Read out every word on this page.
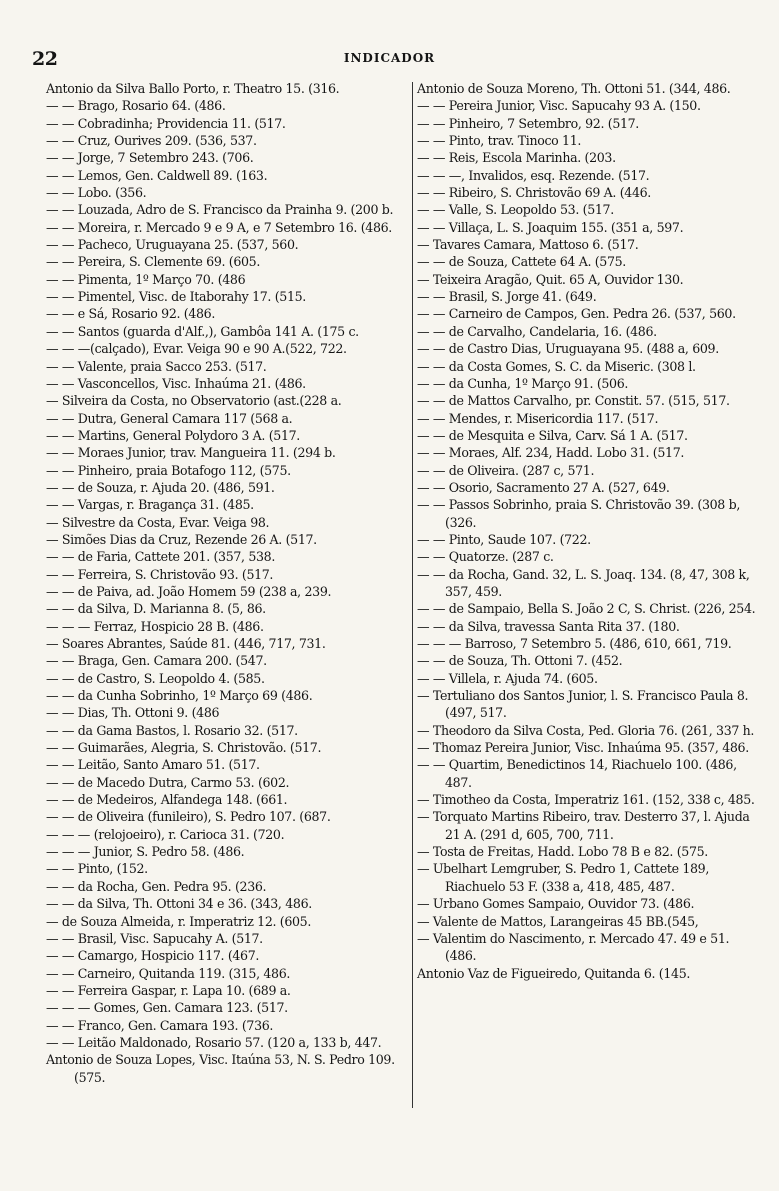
22	INDICADOR
Antonio da Silva Ballo Porto, r. Theatro 15. (316.
— — Brago, Rosario 64. (486.
— — Cobradinha; Providencia 11. (517.
— — Cruz, Ourives 209. (536, 537.
— — Jorge, 7 Setembro 243. (706.
— — Lemos, Gen. Caldwell 89. (163.
— — Lobo. (356.
— — Louzada, Adro de S. Francisco da Prainha 9. (200 b.
— — Moreira, r. Mercado 9 e 9 A, e 7 Setembro 16. (486.
— — Pacheco, Uruguayana 25. (537, 560.
— — Pereira, S. Clemente 69. (605.
— — Pimenta, 1º Março 70. (486
— — Pimentel, Visc. de Itaborahy 17. (515.
— — e Sá, Rosario 92. (486.
— — Santos (guarda d'Alf.,), Gambôa 141 A. (175 c.
— — —(calçado), Evar. Veiga 90 e 90 A.(522, 722.
— — Valente, praia Sacco 253. (517.
— — Vasconcellos, Visc. Inhaúma 21. (486.
— Silveira da Costa, no Observatorio (ast.(228 a.
— — Dutra, General Camara 117 (568 a.
— — Martins, General Polydoro 3 A. (517.
— — Moraes Junior, trav. Mangueira 11. (294 b.
— — Pinheiro, praia Botafogo 112, (575.
— — de Souza, r. Ajuda 20. (486, 591.
— — Vargas, r. Bragança 31. (485.
— Silvestre da Costa, Evar. Veiga 98.
— Simões Dias da Cruz, Rezende 26 A. (517.
— — de Faria, Cattete 201. (357, 538.
— — Ferreira, S. Christovão 93. (517.
— — de Paiva, ad. João Homem 59 (238 a, 239.
— — da Silva, D. Marianna 8. (5, 86.
— — — Ferraz, Hospicio 28 B. (486.
— Soares Abrantes, Saúde 81. (446, 717, 731.
— — Braga, Gen. Camara 200. (547.
— — de Castro, S. Leopoldo 4. (585.
— — da Cunha Sobrinho, 1º Março 69 (486.
— — Dias, Th. Ottoni 9. (486
— — da Gama Bastos, l. Rosario 32. (517.
— — Guimarães, Alegria, S. Christovão. (517.
— — Leitão, Santo Amaro 51. (517.
— — de Macedo Dutra, Carmo 53. (602.
— — de Medeiros, Alfandega 148. (661.
— — de Oliveira (funileiro), S. Pedro 107. (687.
— — — (relojoeiro), r. Carioca 31. (720.
— — — Junior, S. Pedro 58. (486.
— — Pinto, (152.
— — da Rocha, Gen. Pedra 95. (236.
— — da Silva, Th. Ottoni 34 e 36. (343, 486.
— de Souza Almeida, r. Imperatriz 12. (605.
— — Brasil, Visc. Sapucahy A. (517.
— — Camargo, Hospicio 117. (467.
— — Carneiro, Quitanda 119. (315, 486.
— — Ferreira Gaspar, r. Lapa 10. (689 a.
— — — Gomes, Gen. Camara 123. (517.
— — Franco, Gen. Camara 193. (736.
— — Leitão Maldonado, Rosario 57. (120 a, 133 b, 447.
Antonio de Souza Lopes, Visc. Itaúna 53, N. S. Pedro 109. (575.
Antonio de Souza Moreno, Th. Ottoni 51. (344, 486.
— — Pereira Junior, Visc. Sapucahy 93 A. (150.
— — Pinheiro, 7 Setembro, 92. (517.
— — Pinto, trav. Tinoco 11.
— — Reis, Escola Marinha. (203.
— — —, Invalidos, esq. Rezende. (517.
— — Ribeiro, S. Christovão 69 A. (446.
— — Valle, S. Leopoldo 53. (517.
— — Villaça, L. S. Joaquim 155. (351 a, 597.
— Tavares Camara, Mattoso 6. (517.
— — de Souza, Cattete 64 A. (575.
— Teixeira Aragão, Quit. 65 A, Ouvidor 130.
— — Brasil, S. Jorge 41. (649.
— — Carneiro de Campos, Gen. Pedra 26. (537, 560.
— — de Carvalho, Candelaria, 16. (486.
— — de Castro Dias, Uruguayana 95. (488 a, 609.
— — da Costa Gomes, S. C. da Miseric. (308 l.
— — da Cunha, 1º Março 91. (506.
— — de Mattos Carvalho, pr. Constit. 57. (515, 517.
— — Mendes, r. Misericordia 117. (517.
— — de Mesquita e Silva, Carv. Sá 1 A. (517.
— — Moraes, Alf. 234, Hadd. Lobo 31. (517.
— — de Oliveira. (287 c, 571.
— — Osorio, Sacramento 27 A. (527, 649.
— — Passos Sobrinho, praia S. Christovão 39. (308 b, (326.
— — Pinto, Saude 107. (722.
— — Quatorze. (287 c.
— — da Rocha, Gand. 32, L. S. Joaq. 134. (8, 47, 308 k, 357, 459.
— — de Sampaio, Bella S. João 2 C, S. Christ. (226, 254.
— — da Silva, travessa Santa Rita 37. (180.
— — — Barroso, 7 Setembro 5. (486, 610, 661, 719.
— — de Souza, Th. Ottoni 7. (452.
— — Villela, r. Ajuda 74. (605.
— Tertuliano dos Santos Junior, l. S. Francisco Paula 8. (497, 517.
— Theodoro da Silva Costa, Ped. Gloria 76. (261, 337 h.
— Thomaz Pereira Junior, Visc. Inhaúma 95. (357, 486.
— — Quartim, Benedictinos 14, Riachuelo 100. (486, 487.
— Timotheo da Costa, Imperatriz 161. (152, 338 c, 485.
— Torquato Martins Ribeiro, trav. Desterro 37, l. Ajuda 21 A. (291 d, 605, 700, 711.
— Tosta de Freitas, Hadd. Lobo 78 B e 82. (575.
— Ubelhart Lemgruber, S. Pedro 1, Cattete 189, Riachuelo 53 F. (338 a, 418, 485, 487.
— Urbano Gomes Sampaio, Ouvidor 73. (486.
— Valente de Mattos, Larangeiras 45 BB.(545,
— Valentim do Nascimento, r. Mercado 47. 49 e 51. (486.
Antonio Vaz de Figueiredo, Quitanda 6. (145.
